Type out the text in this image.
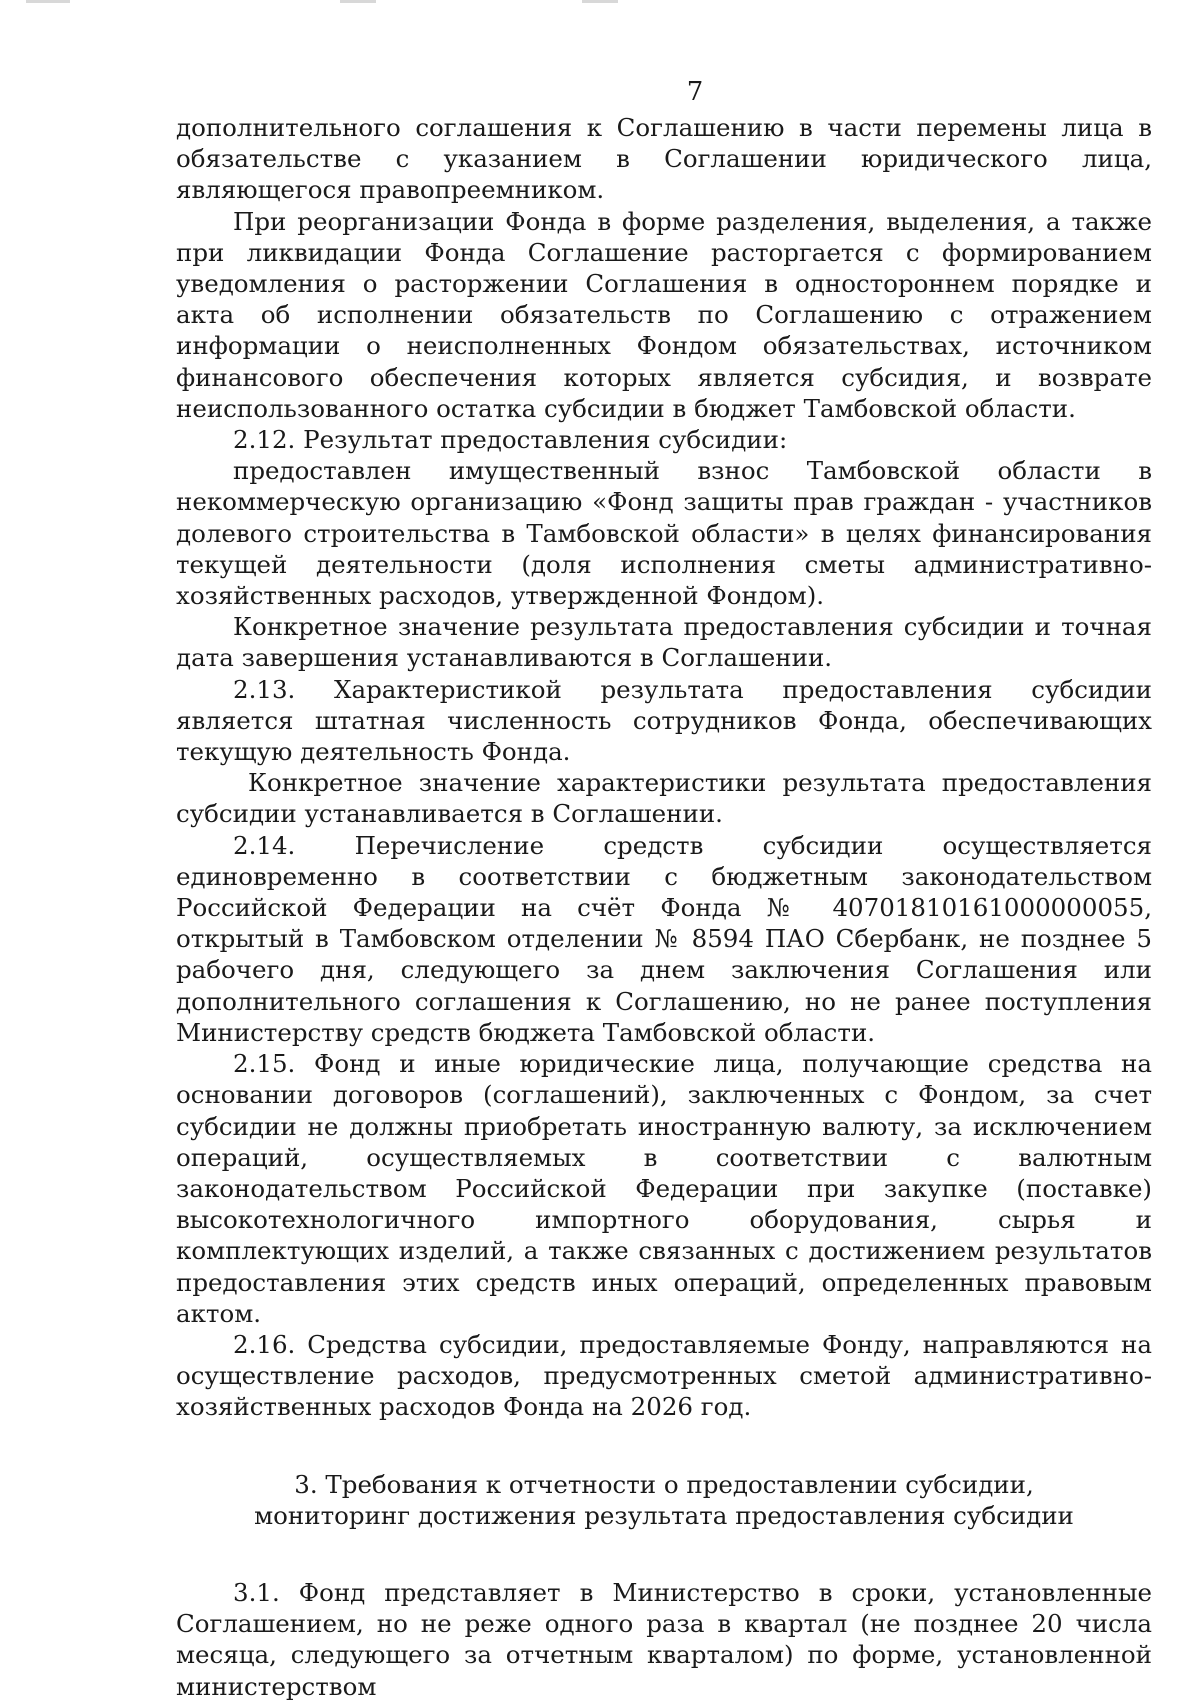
7

дополнительного соглашения к Соглашению в части перемены лица в обязательстве с указанием в Соглашении юридического лица, являющегося правопреемником.

При реорганизации Фонда в форме разделения, выделения, а также при ликвидации Фонда Соглашение расторгается с формированием уведомления о расторжении Соглашения в одностороннем порядке и акта об исполнении обязательств по Соглашению с отражением информации о неисполненных Фондом обязательствах, источником финансового обеспечения которых является субсидия, и возврате неиспользованного остатка субсидии в бюджет Тамбовской области.

2.12. Результат предоставления субсидии:

предоставлен имущественный взнос Тамбовской области в некоммерческую организацию «Фонд защиты прав граждан - участников долевого строительства в Тамбовской области» в целях финансирования текущей деятельности (доля исполнения сметы административно-хозяйственных расходов, утвержденной Фондом).

Конкретное значение результата предоставления субсидии и точная дата завершения устанавливаются в Соглашении.

2.13. Характеристикой результата предоставления субсидии является штатная численность сотрудников Фонда, обеспечивающих текущую деятельность Фонда.

Конкретное значение характеристики результата предоставления субсидии устанавливается в Соглашении.

2.14. Перечисление средств субсидии осуществляется единовременно в соответствии с бюджетным законодательством Российской Федерации на счёт Фонда № 40701810161000000055, открытый в Тамбовском отделении № 8594 ПАО Сбербанк, не позднее 5 рабочего дня, следующего за днем заключения Соглашения или дополнительного соглашения к Соглашению, но не ранее поступления Министерству средств бюджета Тамбовской области.

2.15. Фонд и иные юридические лица, получающие средства на основании договоров (соглашений), заключенных с Фондом, за счет субсидии не должны приобретать иностранную валюту, за исключением операций, осуществляемых в соответствии с валютным законодательством Российской Федерации при закупке (поставке) высокотехнологичного импортного оборудования, сырья и комплектующих изделий, а также связанных с достижением результатов предоставления этих средств иных операций, определенных правовым актом.

2.16. Средства субсидии, предоставляемые Фонду, направляются на осуществление расходов, предусмотренных сметой административно-хозяйственных расходов Фонда на 2026 год.

3. Требования к отчетности о предоставлении субсидии,
мониторинг достижения результата предоставления субсидии

3.1. Фонд представляет в Министерство в сроки, установленные Соглашением, но не реже одного раза в квартал (не позднее 20 числа месяца, следующего за отчетным кварталом) по форме, установленной министерством
